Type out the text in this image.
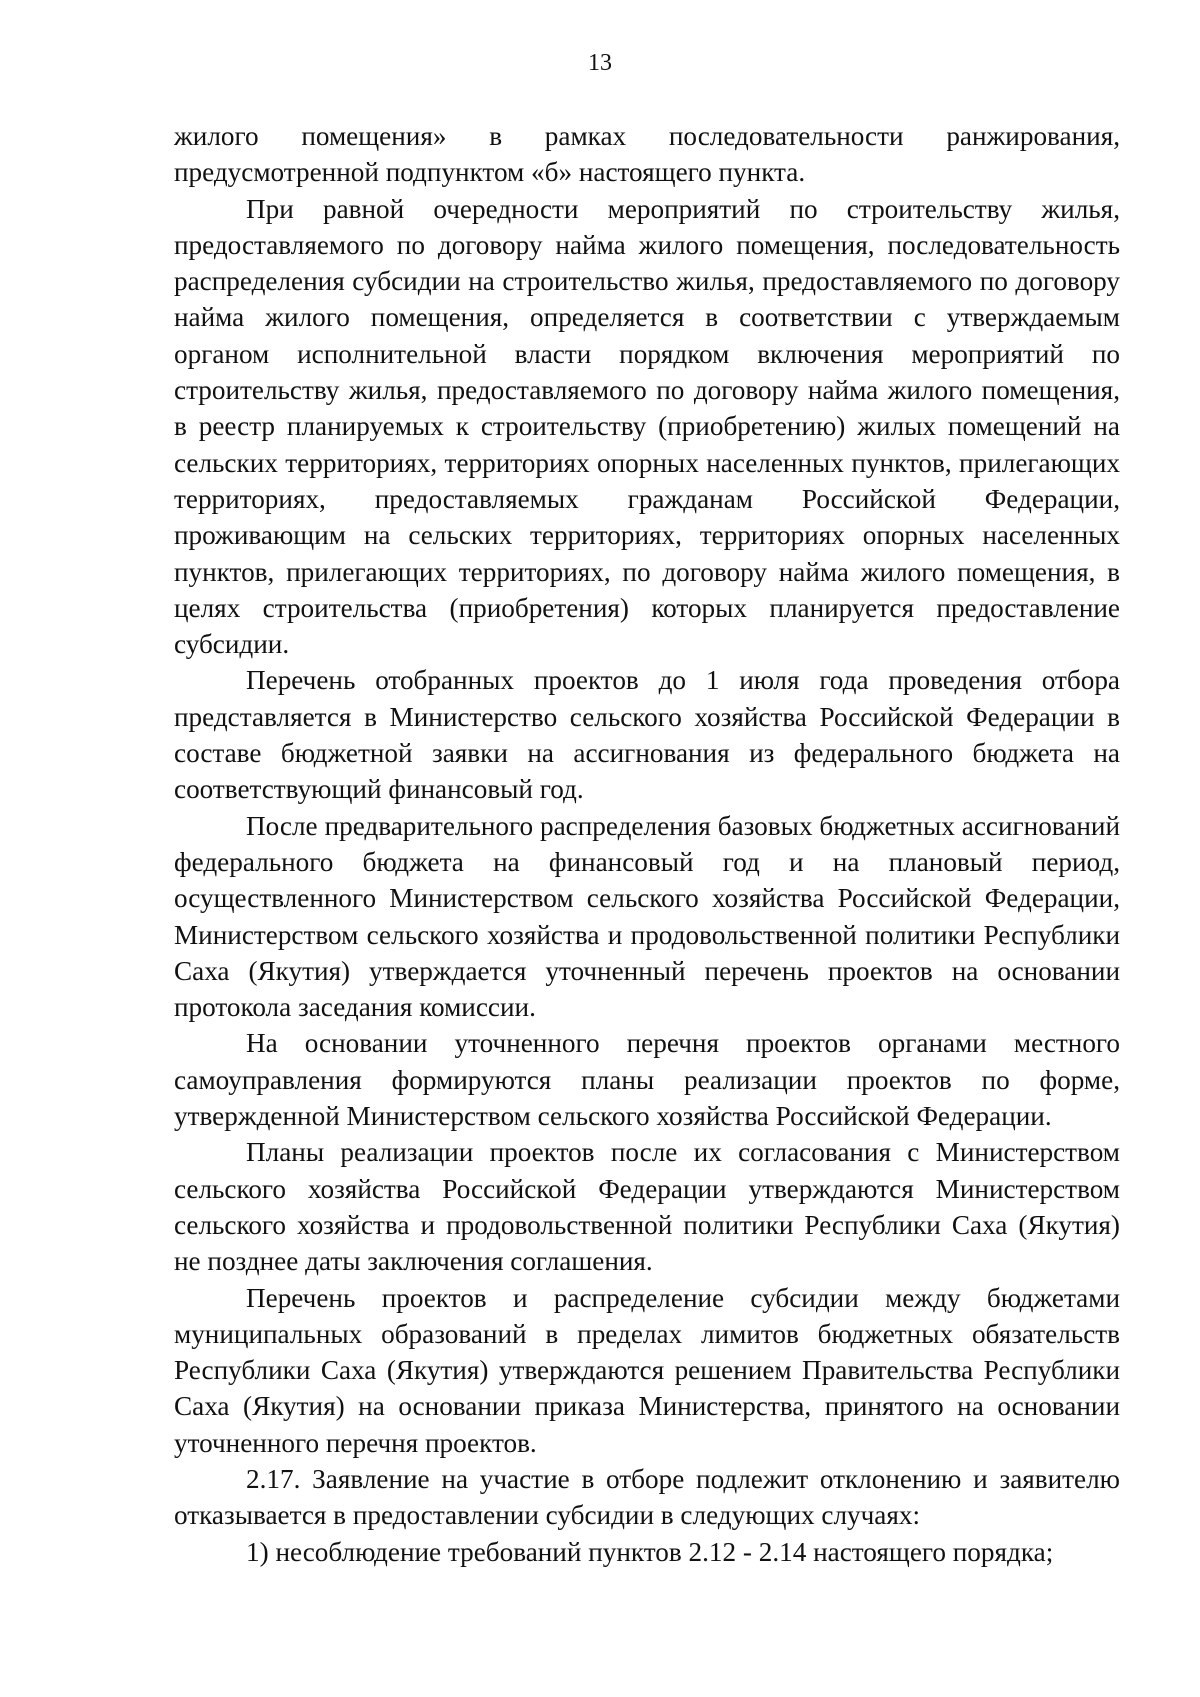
13

жилого помещения» в рамках последовательности ранжирования, предусмотренной подпунктом «б» настоящего пункта.

При равной очередности мероприятий по строительству жилья, предоставляемого по договору найма жилого помещения, последовательность распределения субсидии на строительство жилья, предоставляемого по договору найма жилого помещения, определяется в соответствии с утверждаемым органом исполнительной власти порядком включения мероприятий по строительству жилья, предоставляемого по договору найма жилого помещения, в реестр планируемых к строительству (приобретению) жилых помещений на сельских территориях, территориях опорных населенных пунктов, прилегающих территориях, предоставляемых гражданам Российской Федерации, проживающим на сельских территориях, территориях опорных населенных пунктов, прилегающих территориях, по договору найма жилого помещения, в целях строительства (приобретения) которых планируется предоставление субсидии.

Перечень отобранных проектов до 1 июля года проведения отбора представляется в Министерство сельского хозяйства Российской Федерации в составе бюджетной заявки на ассигнования из федерального бюджета на соответствующий финансовый год.

После предварительного распределения базовых бюджетных ассигнований федерального бюджета на финансовый год и на плановый период, осуществленного Министерством сельского хозяйства Российской Федерации, Министерством сельского хозяйства и продовольственной политики Республики Саха (Якутия) утверждается уточненный перечень проектов на основании протокола заседания комиссии.

На основании уточненного перечня проектов органами местного самоуправления формируются планы реализации проектов по форме, утвержденной Министерством сельского хозяйства Российской Федерации.

Планы реализации проектов после их согласования с Министерством сельского хозяйства Российской Федерации утверждаются Министерством сельского хозяйства и продовольственной политики Республики Саха (Якутия) не позднее даты заключения соглашения.

Перечень проектов и распределение субсидии между бюджетами муниципальных образований в пределах лимитов бюджетных обязательств Республики Саха (Якутия) утверждаются решением Правительства Республики Саха (Якутия) на основании приказа Министерства, принятого на основании уточненного перечня проектов.

2.17. Заявление на участие в отборе подлежит отклонению и заявителю отказывается в предоставлении субсидии в следующих случаях:

1) несоблюдение требований пунктов 2.12 - 2.14 настоящего порядка;
